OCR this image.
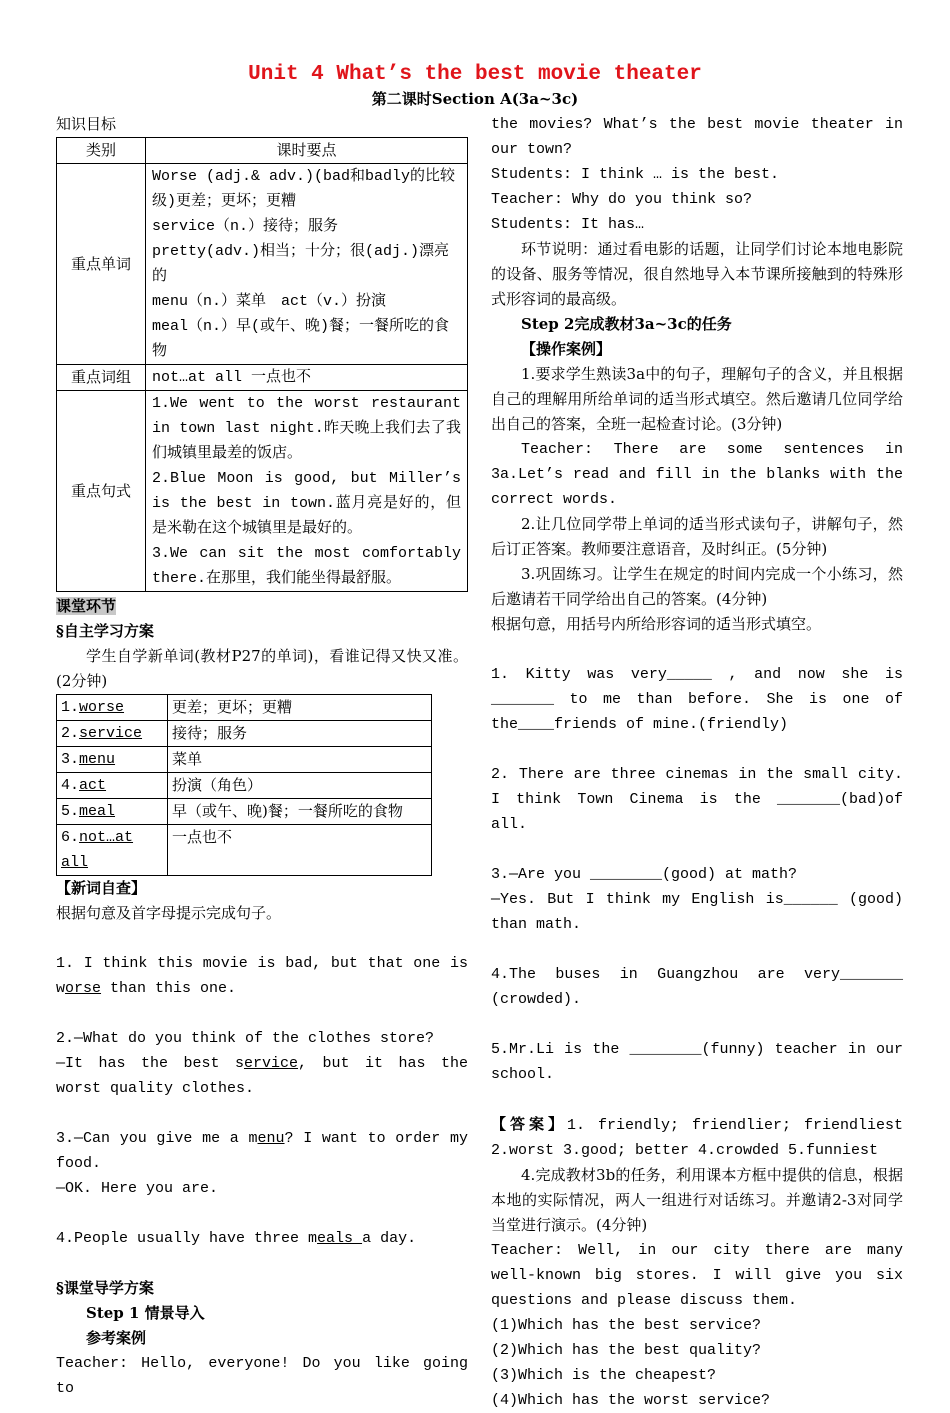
Unit 4 What’s the best movie theater
第二课时Section A(3a~3c)

知识目标

类别	课时要点
重点单词	Worse (adj.& adv.)(bad和badly的比较级)更差；更坏；更糟
service（n.）接待；服务
pretty(adv.)相当；十分；很(adj.)漂亮的
menu（n.）菜单　act（v.）扮演
meal（n.）早(或午、晚)餐；一餐所吃的食物

重点词组	not…at all 一点也不

重点句式	1.We went to the worst restaurant in town last night.昨天晚上我们去了我们城镇里最差的饭店。
2.Blue Moon is good, but Miller’s is the best in town.蓝月亮是好的，但是米勒在这个城镇里是最好的。
3.We can sit the most comfortably there.在那里，我们能坐得最舒服。

课堂环节

§自主学习方案

学生自学新单词(教材P27的单词)，看谁记得又快又准。 (2分钟)

1.worse	更差；更坏；更糟
2.service	接待；服务
3.menu	菜单
4.act	扮演（角色）
5.meal	早（或午、晚)餐；一餐所吃的食物
6.not…at all	一点也不

【新词自查】

根据句意及首字母提示完成句子。

1. I think this movie is bad, but that one is worse than this one.

2.—What do you think of the clothes store?
—It has the best service, but it has the worst quality clothes.

3.—Can you give me a menu? I want to order my food.
—OK. Here you are.

4.People usually have three meals a day.

§课堂导学方案

Step 1 情景导入

参考案例

Teacher: Hello, everyone! Do you like going to

the movies? What’s the best movie theater in our town?

Students: I think … is the best.

Teacher: Why do you think so?

Students: It has…

环节说明：通过看电影的话题，让同学们讨论本地电影院的设备、服务等情况，很自然地导入本节课所接触到的特殊形式形容词的最高级。

Step 2完成教材3a~3c的任务

【操作案例】

1.要求学生熟读3a中的句子，理解句子的含义，并且根据自己的理解用所给单词的适当形式填空。然后邀请几位同学给出自己的答案，全班一起检查讨论。(3分钟)

Teacher: There are some sentences in 3a.Let’s read and fill in the blanks with the correct words.

2.让几位同学带上单词的适当形式读句子，讲解句子，然后订正答案。教师要注意语音，及时纠正。(5分钟)

3.巩固练习。让学生在规定的时间内完成一个小练习，然后邀请若干同学给出自己的答案。(4分钟)

根据句意，用括号内所给形容词的适当形式填空。

1. Kitty was very_____ , and now she is _______ to me than before. She is one of the____friends of mine.(friendly)

2. There are three cinemas in the small city. I think Town Cinema is the _______(bad)of all.

3.—Are you ________(good) at math?
—Yes. But I think my English is______ (good) than math.

4.The buses in Guangzhou are very_______ (crowded).

5.Mr.Li is the ________(funny) teacher in our school.

【答案】1. friendly; friendlier; friendliest 2.worst 3.good; better 4.crowded 5.funniest

4.完成教材3b的任务，利用课本方框中提供的信息，根据本地的实际情况，两人一组进行对话练习。并邀请2-3对同学当堂进行演示。(4分钟)

Teacher: Well, in our city there are many well-known big stores. I will give you six questions and please discuss them.

(1)Which has the best service?

(2)Which has the best quality?

(3)Which is the cheapest?

(4)Which has the worst service?
